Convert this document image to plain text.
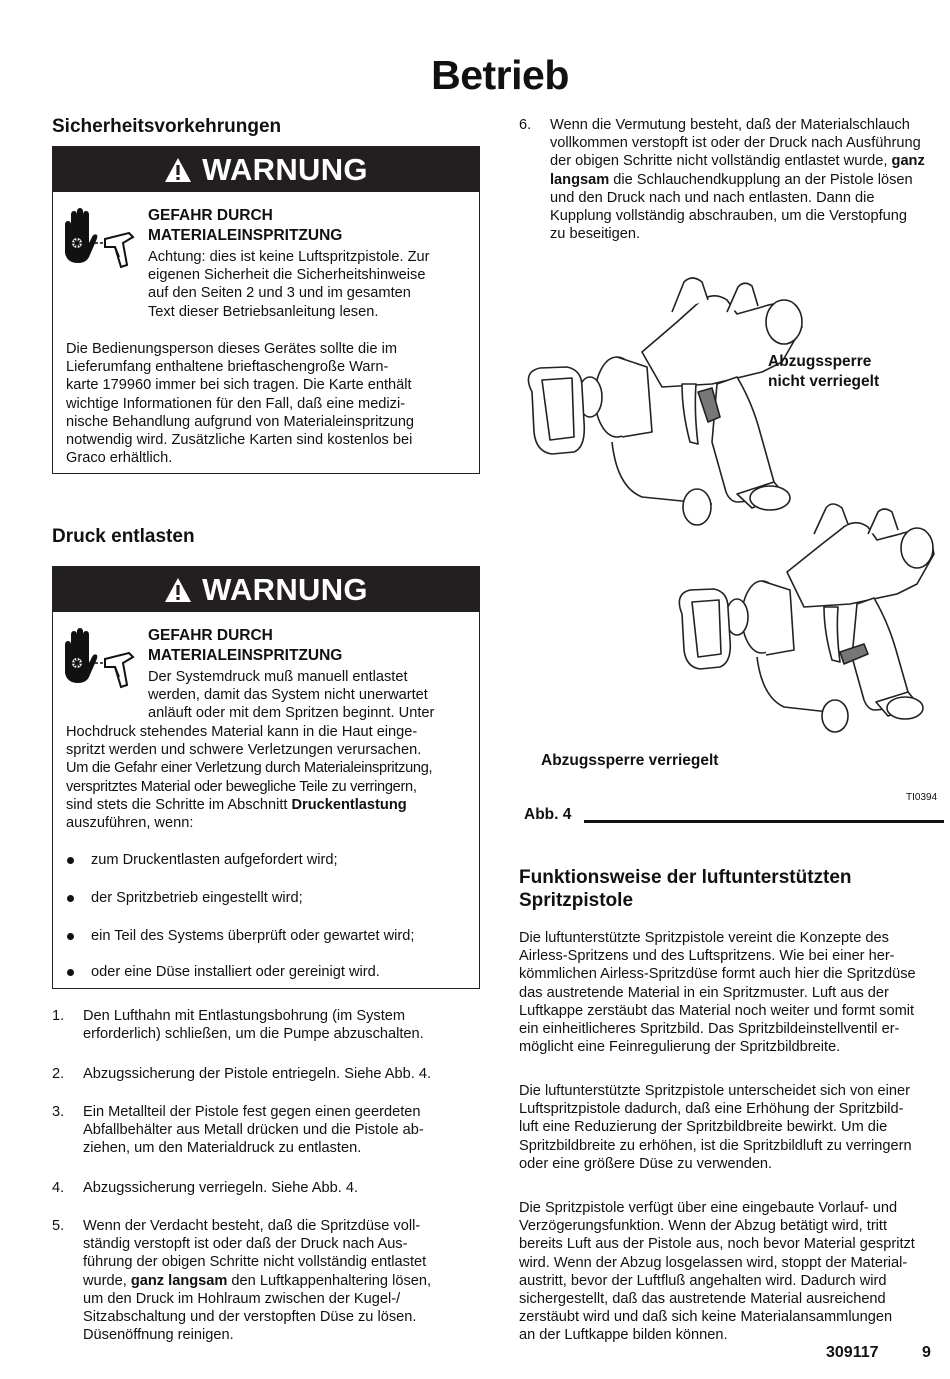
Betrieb
Sicherheitsvorkehrungen
WARNUNG
GEFAHR DURCH
MATERIALEINSPRITZUNG
Achtung: dies ist keine Luftspritzpistole. Zur
eigenen Sicherheit die Sicherheitshinweise
auf den Seiten 2 und 3 und im gesamten
Text dieser Betriebsanleitung lesen.
Die Bedienungsperson dieses Gerätes sollte die im
Lieferumfang enthaltene brieftaschengroße Warn-
karte 179960 immer bei sich tragen. Die Karte enthält
wichtige Informationen für den Fall, daß eine medizi-
nische Behandlung aufgrund von Materialeinspritzung
notwendig wird. Zusätzliche Karten sind kostenlos bei
Graco erhältlich.
Druck entlasten
WARNUNG
GEFAHR DURCH
MATERIALEINSPRITZUNG
Der Systemdruck muß manuell entlastet
werden, damit das System nicht unerwartet
anläuft oder mit dem Spritzen beginnt. Unter
Hochdruck stehendes Material kann in die Haut einge-
spritzt werden und schwere Verletzungen verursachen.
Um die Gefahr einer Verletzung durch Materialeinspritzung,
verspritztes Material oder bewegliche Teile zu verringern,
sind stets die Schritte im Abschnitt Druckentlastung
auszuführen, wenn:
zum Druckentlasten aufgefordert wird;
der Spritzbetrieb eingestellt wird;
ein Teil des Systems überprüft oder gewartet wird;
oder eine Düse installiert oder gereinigt wird.
1.	Den Lufthahn mit Entlastungsbohrung (im System
erforderlich) schließen, um die Pumpe abzuschalten.
2.	Abzugssicherung der Pistole entriegeln. Siehe Abb. 4.
3.	Ein Metallteil der Pistole fest gegen einen geerdeten
Abfallbehälter aus Metall drücken und die Pistole ab-
ziehen, um den Materialdruck zu entlasten.
4.	Abzugssicherung verriegeln. Siehe Abb. 4.
5.	Wenn der Verdacht besteht, daß die Spritzdüse voll-
ständig verstopft ist oder daß der Druck nach Aus-
führung der obigen Schritte nicht vollständig entlastet
wurde, ganz langsam den Luftkappenhaltering lösen,
um den Druck im Hohlraum zwischen der Kugel-/
Sitzabschaltung und der verstopften Düse zu lösen.
Düsenöffnung reinigen.
6.	Wenn die Vermutung besteht, daß der Materialschlauch
vollkommen verstopft ist oder der Druck nach Ausführung
der obigen Schritte nicht vollständig entlastet wurde, ganz
langsam die Schlauchendkupplung an der Pistole lösen
und den Druck nach und nach entlasten. Dann die
Kupplung vollständig abschrauben, um die Verstopfung
zu beseitigen.
Abzugssperre
nicht verriegelt
Abzugssperre verriegelt
TI0394
Abb. 4
Funktionsweise der luftunterstützten
Spritzpistole
Die luftunterstützte Spritzpistole vereint die Konzepte des
Airless-Spritzens und des Luftspritzens. Wie bei einer her-
kömmlichen Airless-Spritzdüse formt auch hier die Spritzdüse
das austretende Material in ein Spritzmuster. Luft aus der
Luftkappe zerstäubt das Material noch weiter und formt somit
ein einheitlicheres Spritzbild. Das Spritzbildeinstellventil er-
möglicht eine Feinregulierung der Spritzbildbreite.
Die luftunterstützte Spritzpistole unterscheidet sich von einer
Luftspritzpistole dadurch, daß eine Erhöhung der Spritzbild-
luft eine Reduzierung der Spritzbildbreite bewirkt. Um die
Spritzbildbreite zu erhöhen, ist die Spritzbildluft zu verringern
oder eine größere Düse zu verwenden.
Die Spritzpistole verfügt über eine eingebaute Vorlauf- und
Verzögerungsfunktion. Wenn der Abzug betätigt wird, tritt
bereits Luft aus der Pistole aus, noch bevor Material gespritzt
wird. Wenn der Abzug losgelassen wird, stoppt der Material-
austritt, bevor der Luftfluß angehalten wird. Dadurch wird
sichergestellt, daß das austretende Material ausreichend
zerstäubt wird und daß sich keine Materialansammlungen
an der Luftkappe bilden können.
309117	9
